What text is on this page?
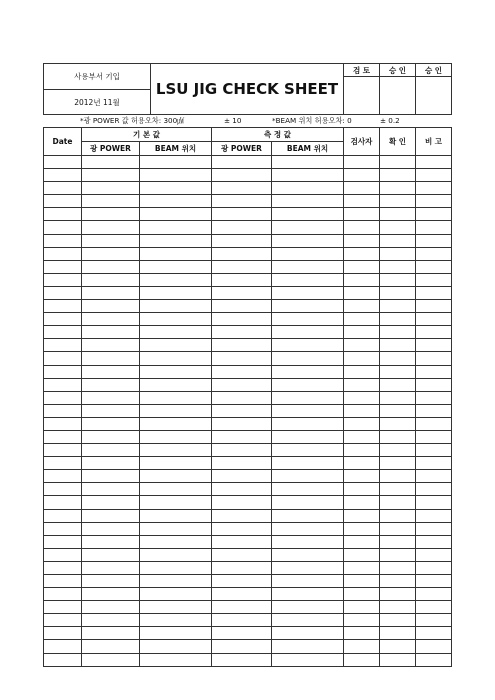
사용부서 기입	LSU JIG CHECK SHEET	검 토	승 인	승 인

2012년 11월				

*광 POWER 값 허용오차: 300㎼	± 10	*BEAM 위치 허용오차: 0	± 0.2
Date	기 본 값		측 정 값		검사자	확 인	비 고
	광 POWER	BEAM 위치	광 POWER	BEAM 위치			
